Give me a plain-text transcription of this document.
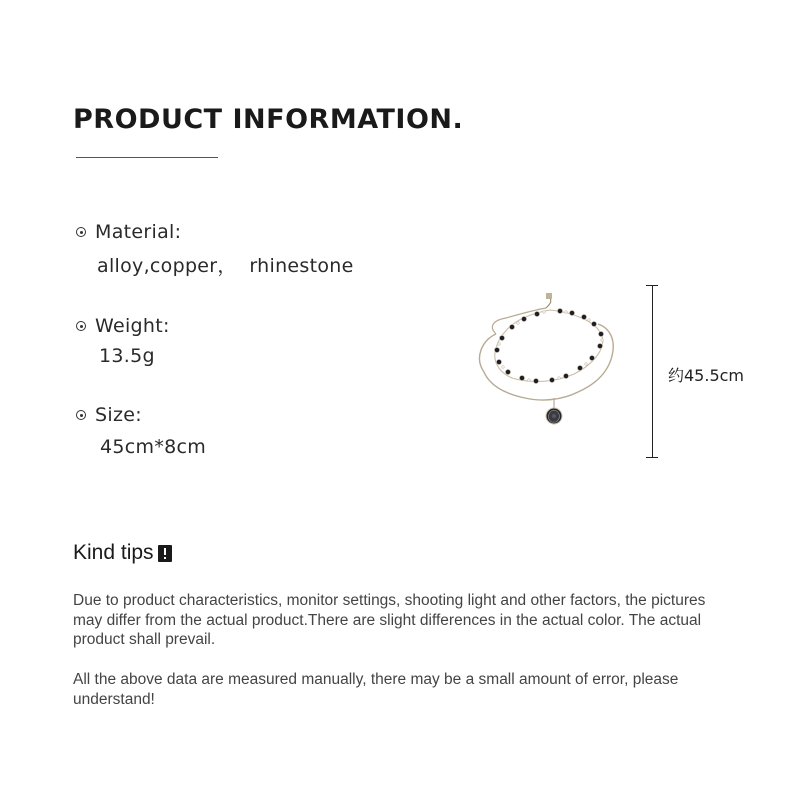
PRODUCT INFORMATION.
Material:
alloy,copper，  rhinestone
Weight:
13.5g
Size:
45cm*8cm
约45.5cm
Kind tips

Due to product characteristics, monitor settings, shooting light and other factors, the pictures may differ from the actual product.There are slight differences in the actual color. The actual product shall prevail.

All the above data are measured manually, there may be a small amount of error, please understand!
